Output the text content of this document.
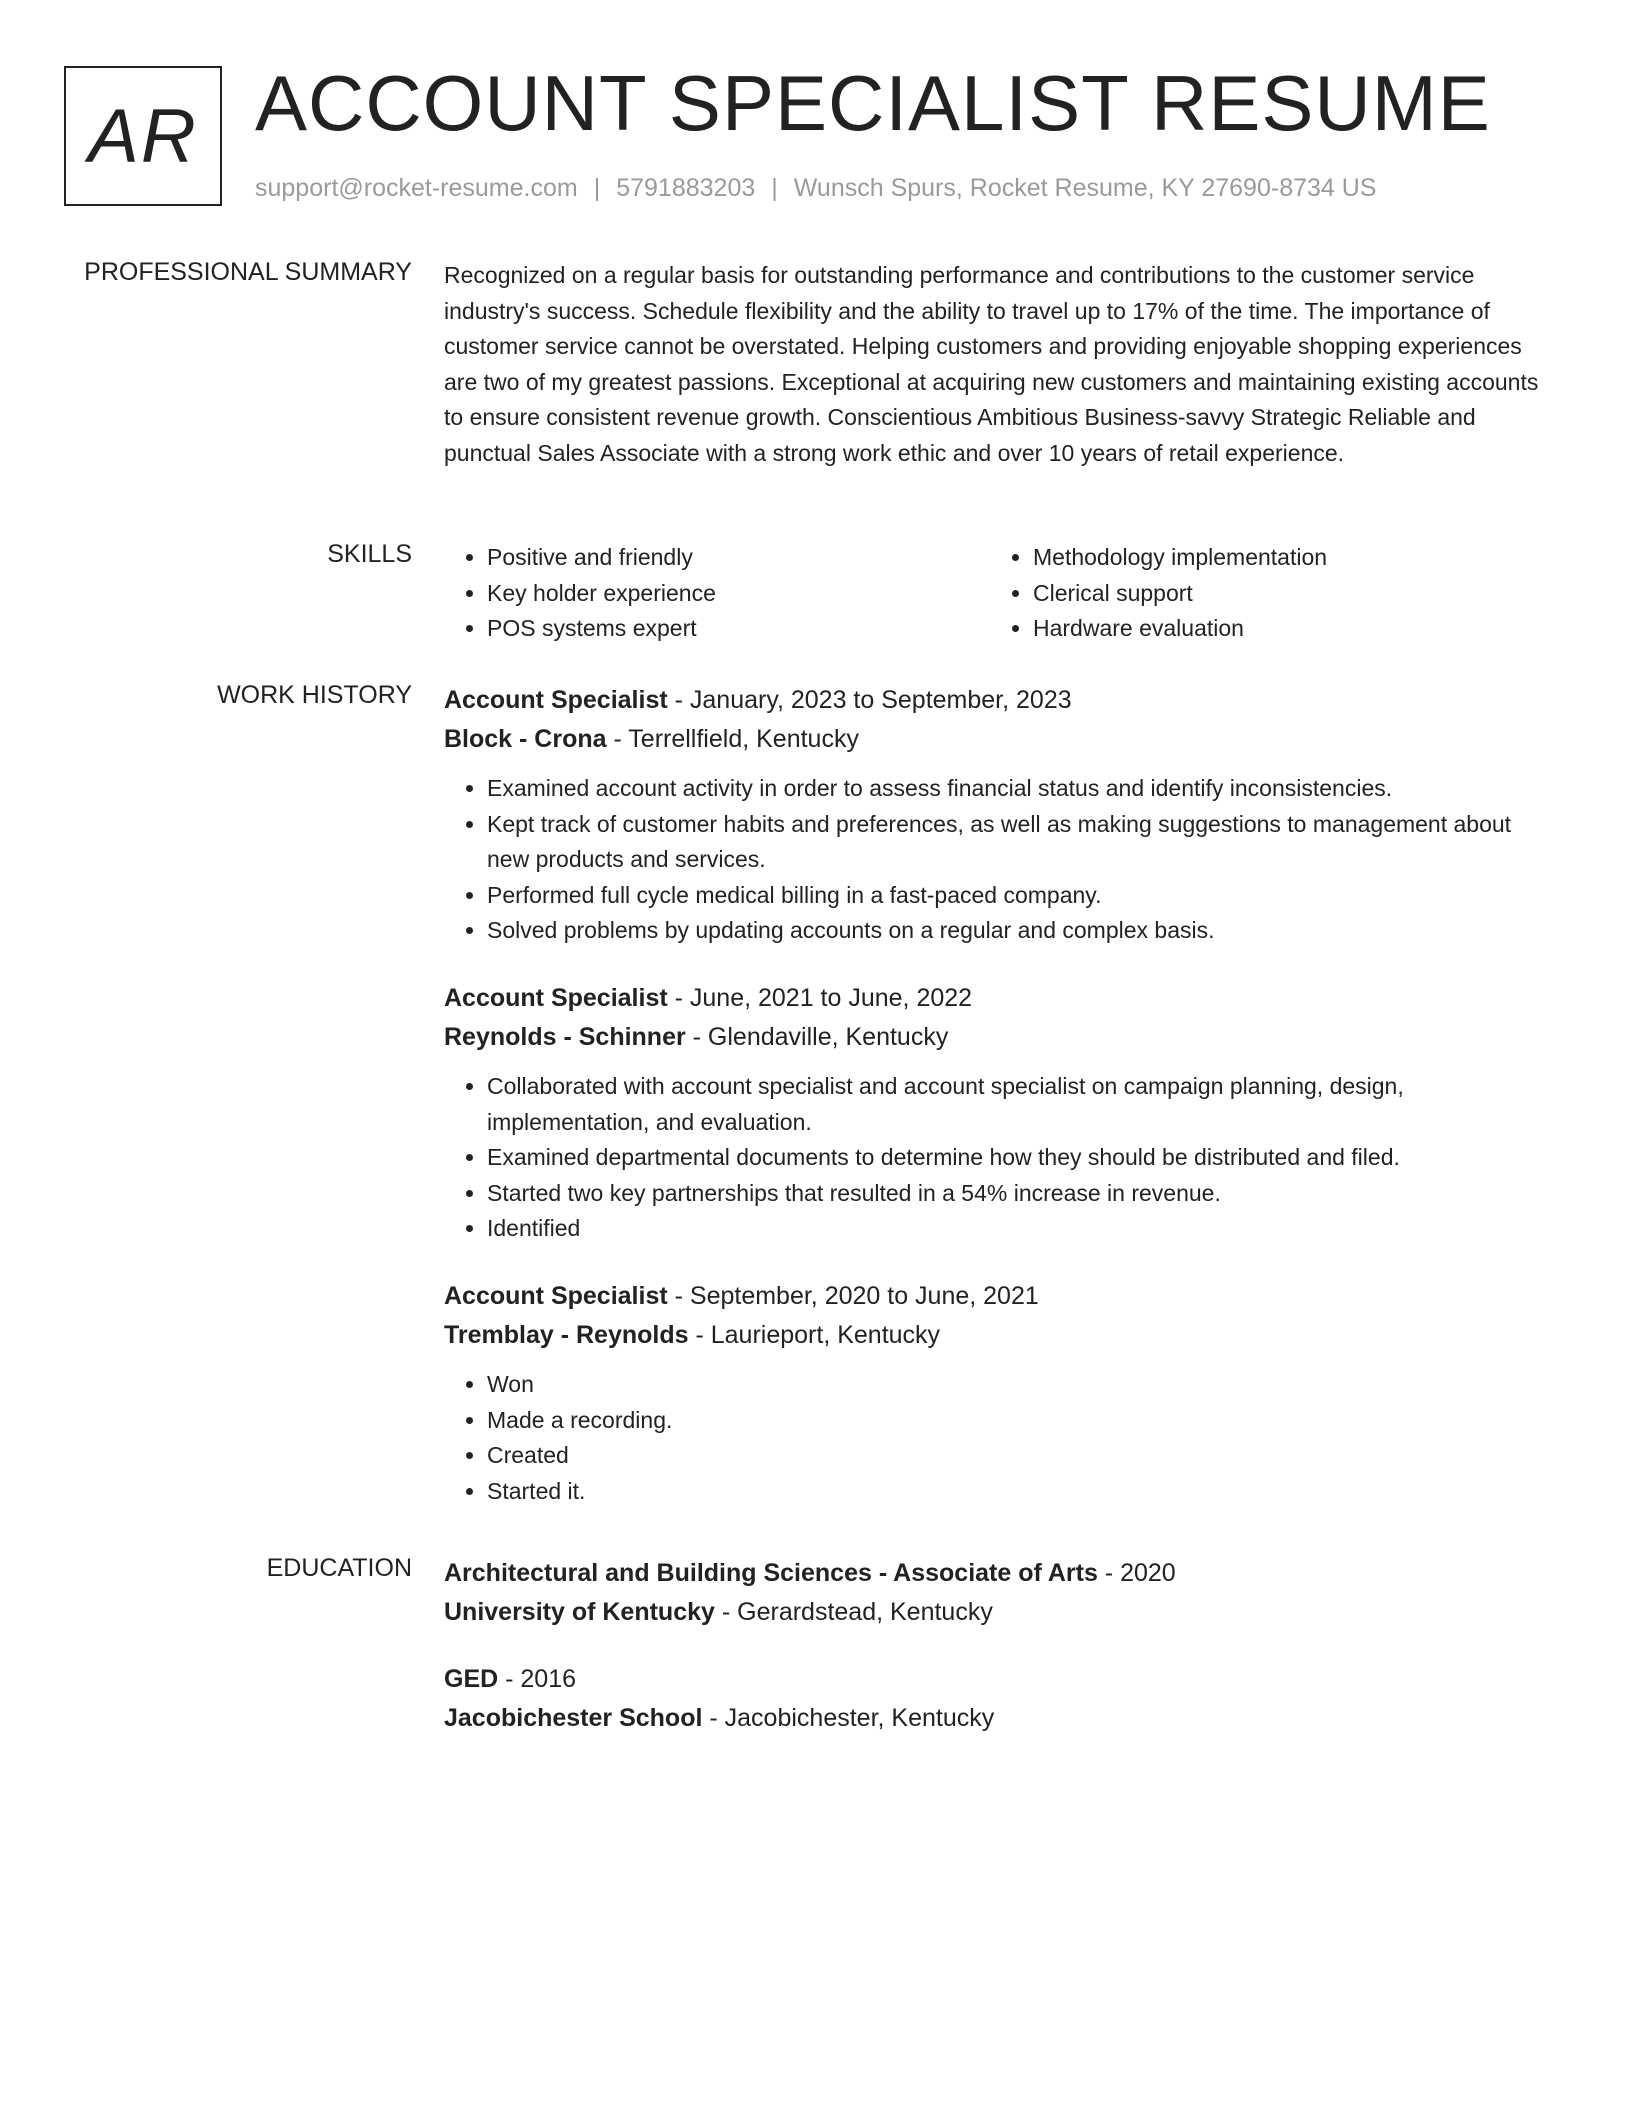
AR ACCOUNT SPECIALIST RESUME
support@rocket-resume.com | 5791883203 | Wunsch Spurs, Rocket Resume, KY 27690-8734 US
PROFESSIONAL SUMMARY Recognized on a regular basis for outstanding performance and contributions to the customer service industry's success. Schedule flexibility and the ability to travel up to 17% of the time. The importance of customer service cannot be overstated. Helping customers and providing enjoyable shopping experiences are two of my greatest passions. Exceptional at acquiring new customers and maintaining existing accounts to ensure consistent revenue growth. Conscientious Ambitious Business-savvy Strategic Reliable and punctual Sales Associate with a strong work ethic and over 10 years of retail experience.

SKILLS
•	Positive and friendly
• Key holder experience
• POS systems expert
• Methodology implementation
• Clerical support
• Hardware evaluation
WORK HISTORY Account Specialist - January, 2023 to September, 2023
Block - Crona - Terrellfield, Kentucky
• Examined account activity in order to assess financial status and identify inconsistencies.
• Kept track of customer habits and preferences, as well as making suggestions to management about new products and services.
• Performed full cycle medical billing in a fast-paced company.
• Solved problems by updating accounts on a regular and complex basis.
Account Specialist - June, 2021 to June, 2022
Reynolds - Schinner - Glendaville, Kentucky
• Collaborated with account specialist and account specialist on campaign planning, design, implementation, and evaluation.
• Examined departmental documents to determine how they should be distributed and filed.
• Started two key partnerships that resulted in a 54% increase in revenue.
• Identified
Account Specialist - September, 2020 to June, 2021
Tremblay - Reynolds - Laurieport, Kentucky
• Won
• Made a recording.
• Created
• Started it.
EDUCATION Architectural and Building Sciences - Associate of Arts - 2020
University of Kentucky - Gerardstead, Kentucky
GED - 2016
Jacobichester School - Jacobichester, Kentucky
